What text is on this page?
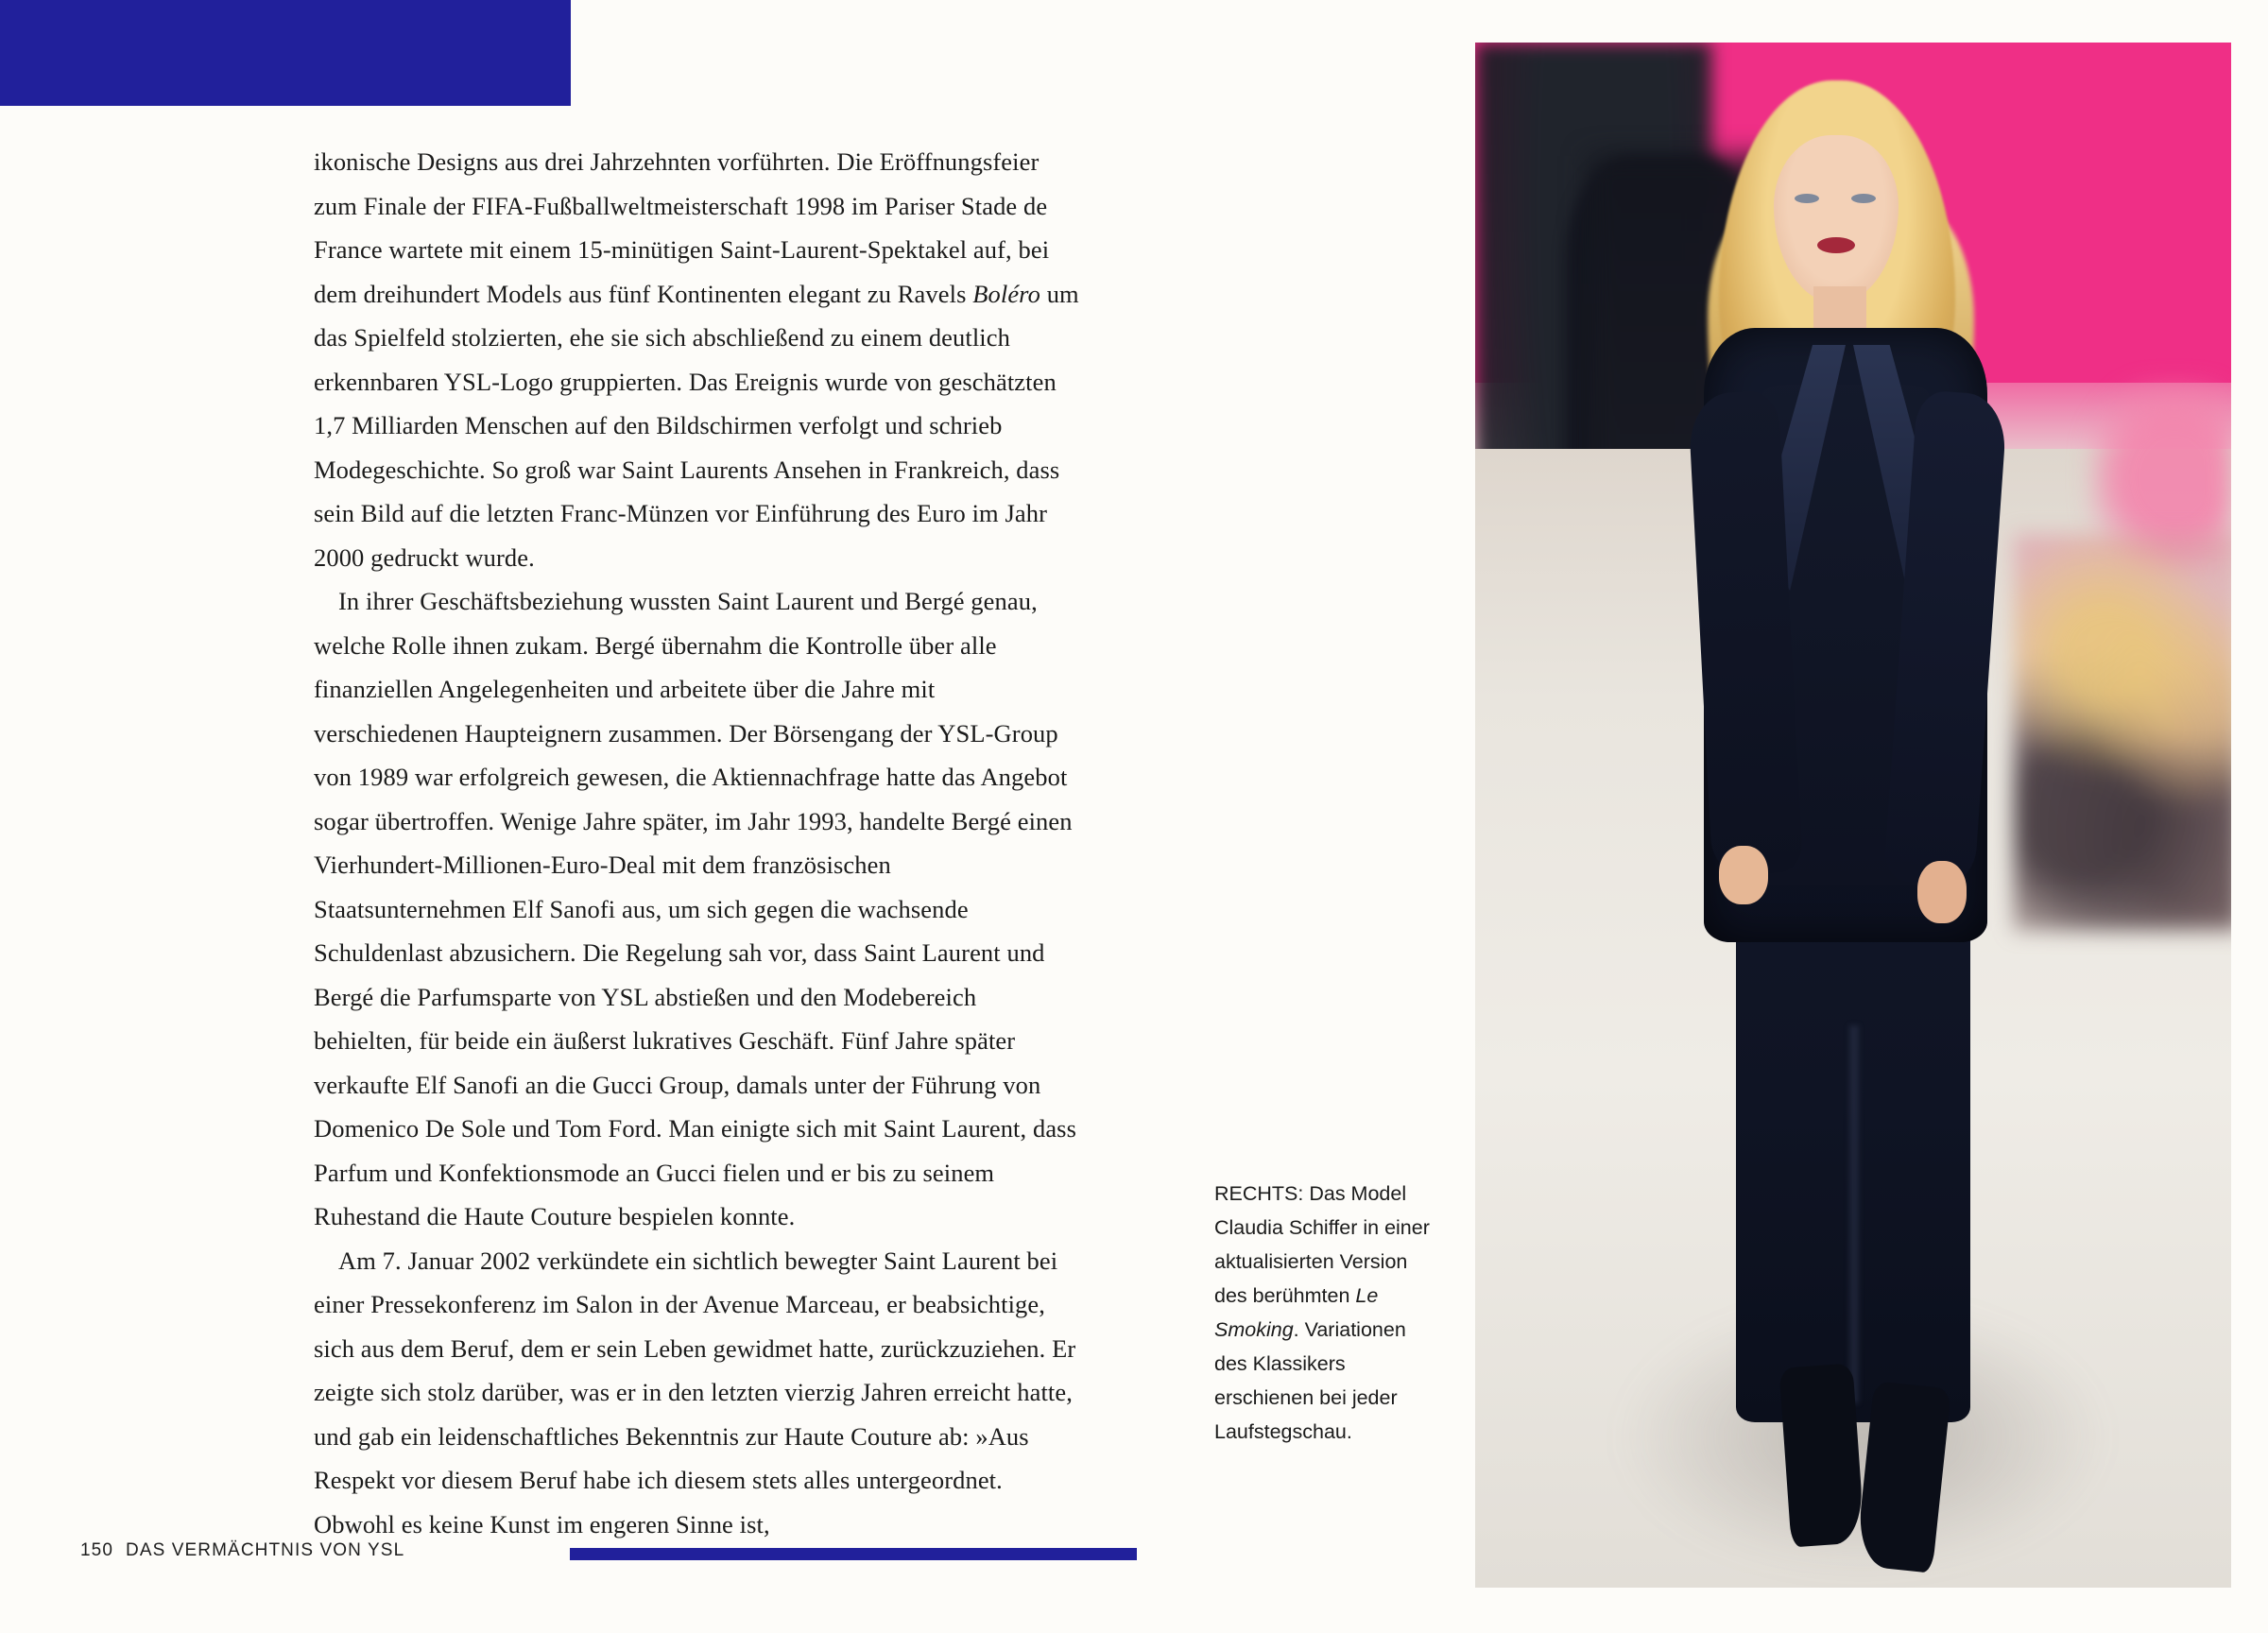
ikonische Designs aus drei Jahrzehnten vorführten. Die Eröffnungsfeier zum Finale der FIFA-Fußballweltmeisterschaft 1998 im Pariser Stade de France wartete mit einem 15-minütigen Saint-Laurent-Spektakel auf, bei dem dreihundert Models aus fünf Kontinenten elegant zu Ravels Boléro um das Spielfeld stolzierten, ehe sie sich abschließend zu einem deutlich erkennbaren YSL-Logo gruppierten. Das Ereignis wurde von geschätzten 1,7 Milliarden Menschen auf den Bildschirmen verfolgt und schrieb Modegeschichte. So groß war Saint Laurents Ansehen in Frankreich, dass sein Bild auf die letzten Franc-Münzen vor Einführung des Euro im Jahr 2000 gedruckt wurde.

In ihrer Geschäftsbeziehung wussten Saint Laurent und Bergé genau, welche Rolle ihnen zukam. Bergé übernahm die Kontrolle über alle finanziellen Angelegenheiten und arbeitete über die Jahre mit verschiedenen Haupteignern zusammen. Der Börsengang der YSL-Group von 1989 war erfolgreich gewesen, die Aktiennachfrage hatte das Angebot sogar übertroffen. Wenige Jahre später, im Jahr 1993, handelte Bergé einen Vierhundert-Millionen-Euro-Deal mit dem französischen Staatsunternehmen Elf Sanofi aus, um sich gegen die wachsende Schuldenlast abzusichern. Die Regelung sah vor, dass Saint Laurent und Bergé die Parfumsparte von YSL abstießen und den Modebereich behielten, für beide ein äußerst lukratives Geschäft. Fünf Jahre später verkaufte Elf Sanofi an die Gucci Group, damals unter der Führung von Domenico De Sole und Tom Ford. Man einigte sich mit Saint Laurent, dass Parfum und Konfektionsmode an Gucci fielen und er bis zu seinem Ruhestand die Haute Couture bespielen konnte.

Am 7. Januar 2002 verkündete ein sichtlich bewegter Saint Laurent bei einer Pressekonferenz im Salon in der Avenue Marceau, er beabsichtige, sich aus dem Beruf, dem er sein Leben gewidmet hatte, zurückzuziehen. Er zeigte sich stolz darüber, was er in den letzten vierzig Jahren erreicht hatte, und gab ein leidenschaftliches Bekenntnis zur Haute Couture ab: »Aus Respekt vor diesem Beruf habe ich diesem stets alles untergeordnet. Obwohl es keine Kunst im engeren Sinne ist,

150 DAS VERMÄCHTNIS VON YSL
RECHTS: Das Model Claudia Schiffer in einer aktualisierten Version des berühmten Le Smoking. Variationen des Klassikers erschienen bei jeder Laufstegschau.
